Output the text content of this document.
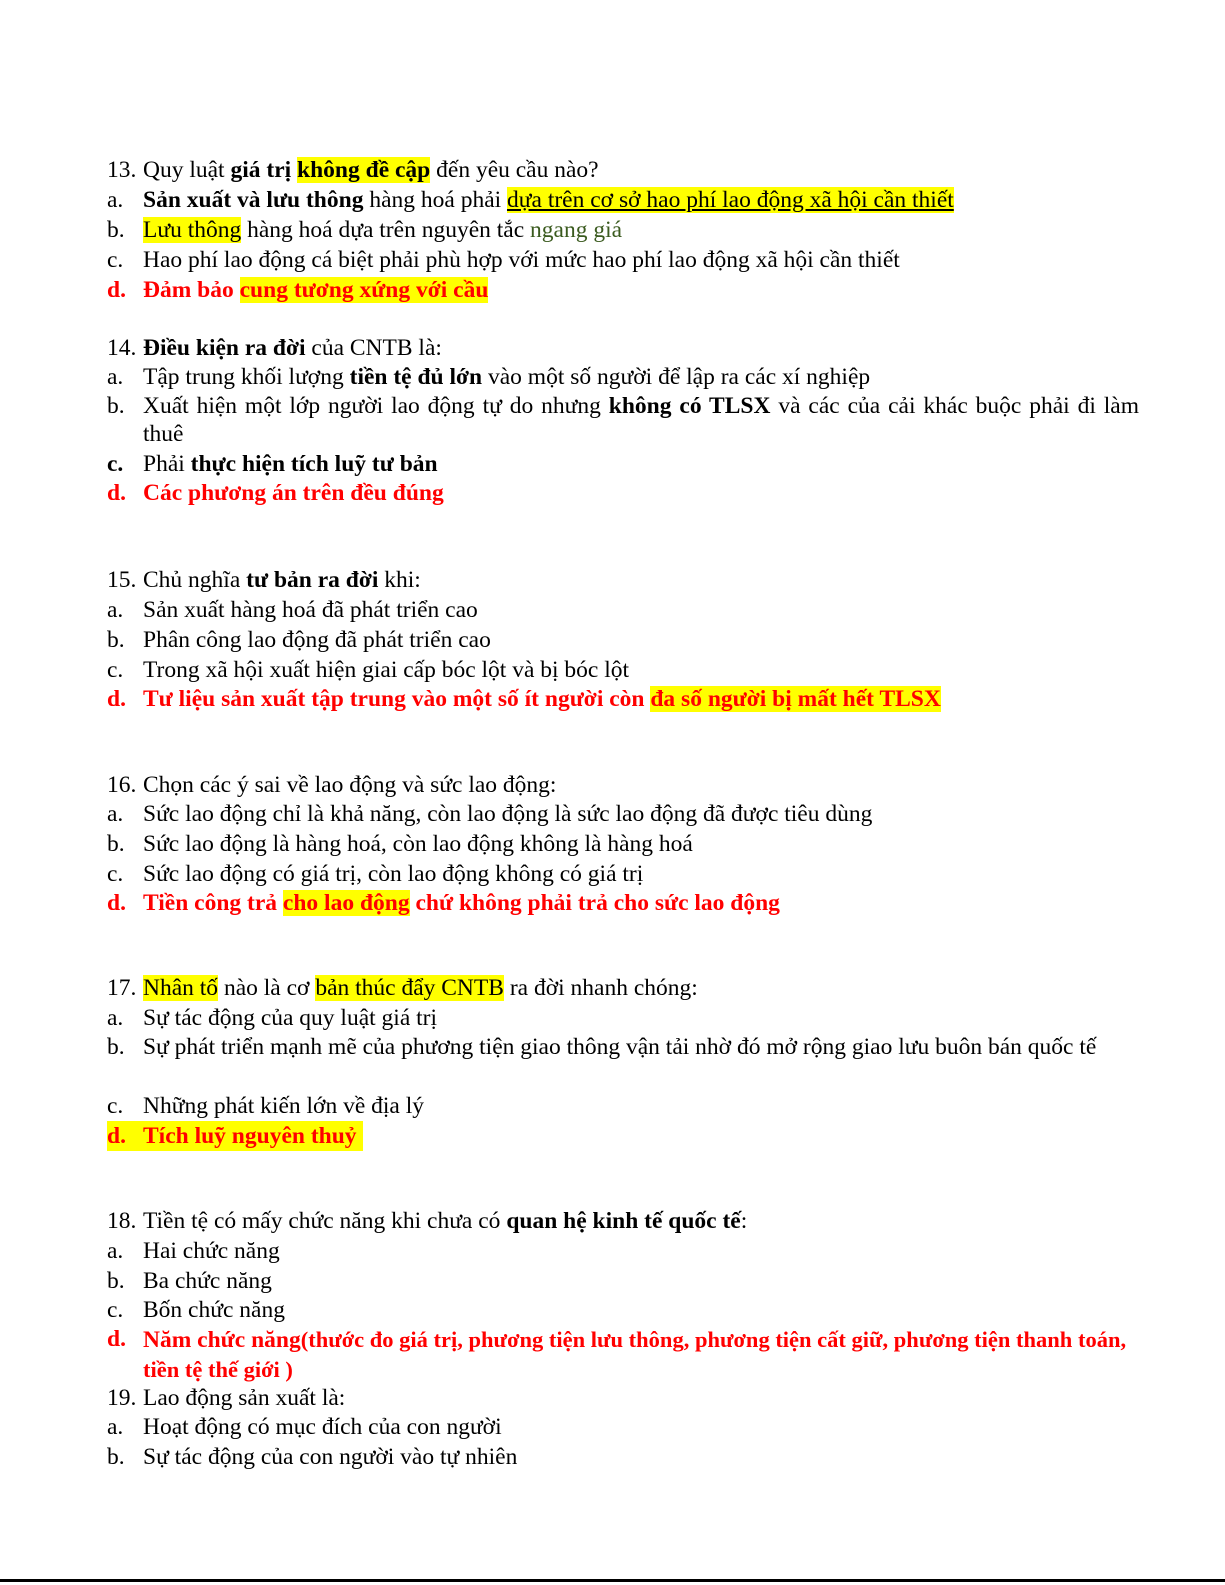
13. Quy luật giá trị không đề cập đến yêu cầu nào?
a. Sản xuất và lưu thông hàng hoá phải dựa trên cơ sở hao phí lao động xã hội cần thiết
b. Lưu thông hàng hoá dựa trên nguyên tắc ngang giá
c. Hao phí lao động cá biệt phải phù hợp với mức hao phí lao động xã hội cần thiết
d. Đảm bảo cung tương xứng với cầu
14. Điều kiện ra đời của CNTB là:
a. Tập trung khối lượng tiền tệ đủ lớn vào một số người để lập ra các xí nghiệp
b. Xuất hiện một lớp người lao động tự do nhưng không có TLSX và các của cải khác buộc phải đi làm thuê
c. Phải thực hiện tích luỹ tư bản
d. Các phương án trên đều đúng
15. Chủ nghĩa tư bản ra đời khi:
a. Sản xuất hàng hoá đã phát triển cao
b. Phân công lao động đã phát triển cao
c. Trong xã hội xuất hiện giai cấp bóc lột và bị bóc lột
d. Tư liệu sản xuất tập trung vào một số ít người còn đa số người bị mất hết TLSX
16. Chọn các ý sai về lao động và sức lao động:
a. Sức lao động chỉ là khả năng, còn lao động là sức lao động đã được tiêu dùng
b. Sức lao động là hàng hoá, còn lao động không là hàng hoá
c. Sức lao động có giá trị, còn lao động không có giá trị
d. Tiền công trả cho lao động chứ không phải trả cho sức lao động
17. Nhân tố nào là cơ bản thúc đẩy CNTB ra đời nhanh chóng:
a. Sự tác động của quy luật giá trị
b. Sự phát triển mạnh mẽ của phương tiện giao thông vận tải nhờ đó mở rộng giao lưu buôn bán quốc tế
c. Những phát kiến lớn về địa lý
d. Tích luỹ nguyên thuỷ
18. Tiền tệ có mấy chức năng khi chưa có quan hệ kinh tế quốc tế:
a. Hai chức năng
b. Ba chức năng
c. Bốn chức năng
d. Năm chức năng(thước đo giá trị, phương tiện lưu thông, phương tiện cất giữ, phương tiện thanh toán, tiền tệ thế giới )
19. Lao động sản xuất là:
a. Hoạt động có mục đích của con người
b. Sự tác động của con người vào tự nhiên
